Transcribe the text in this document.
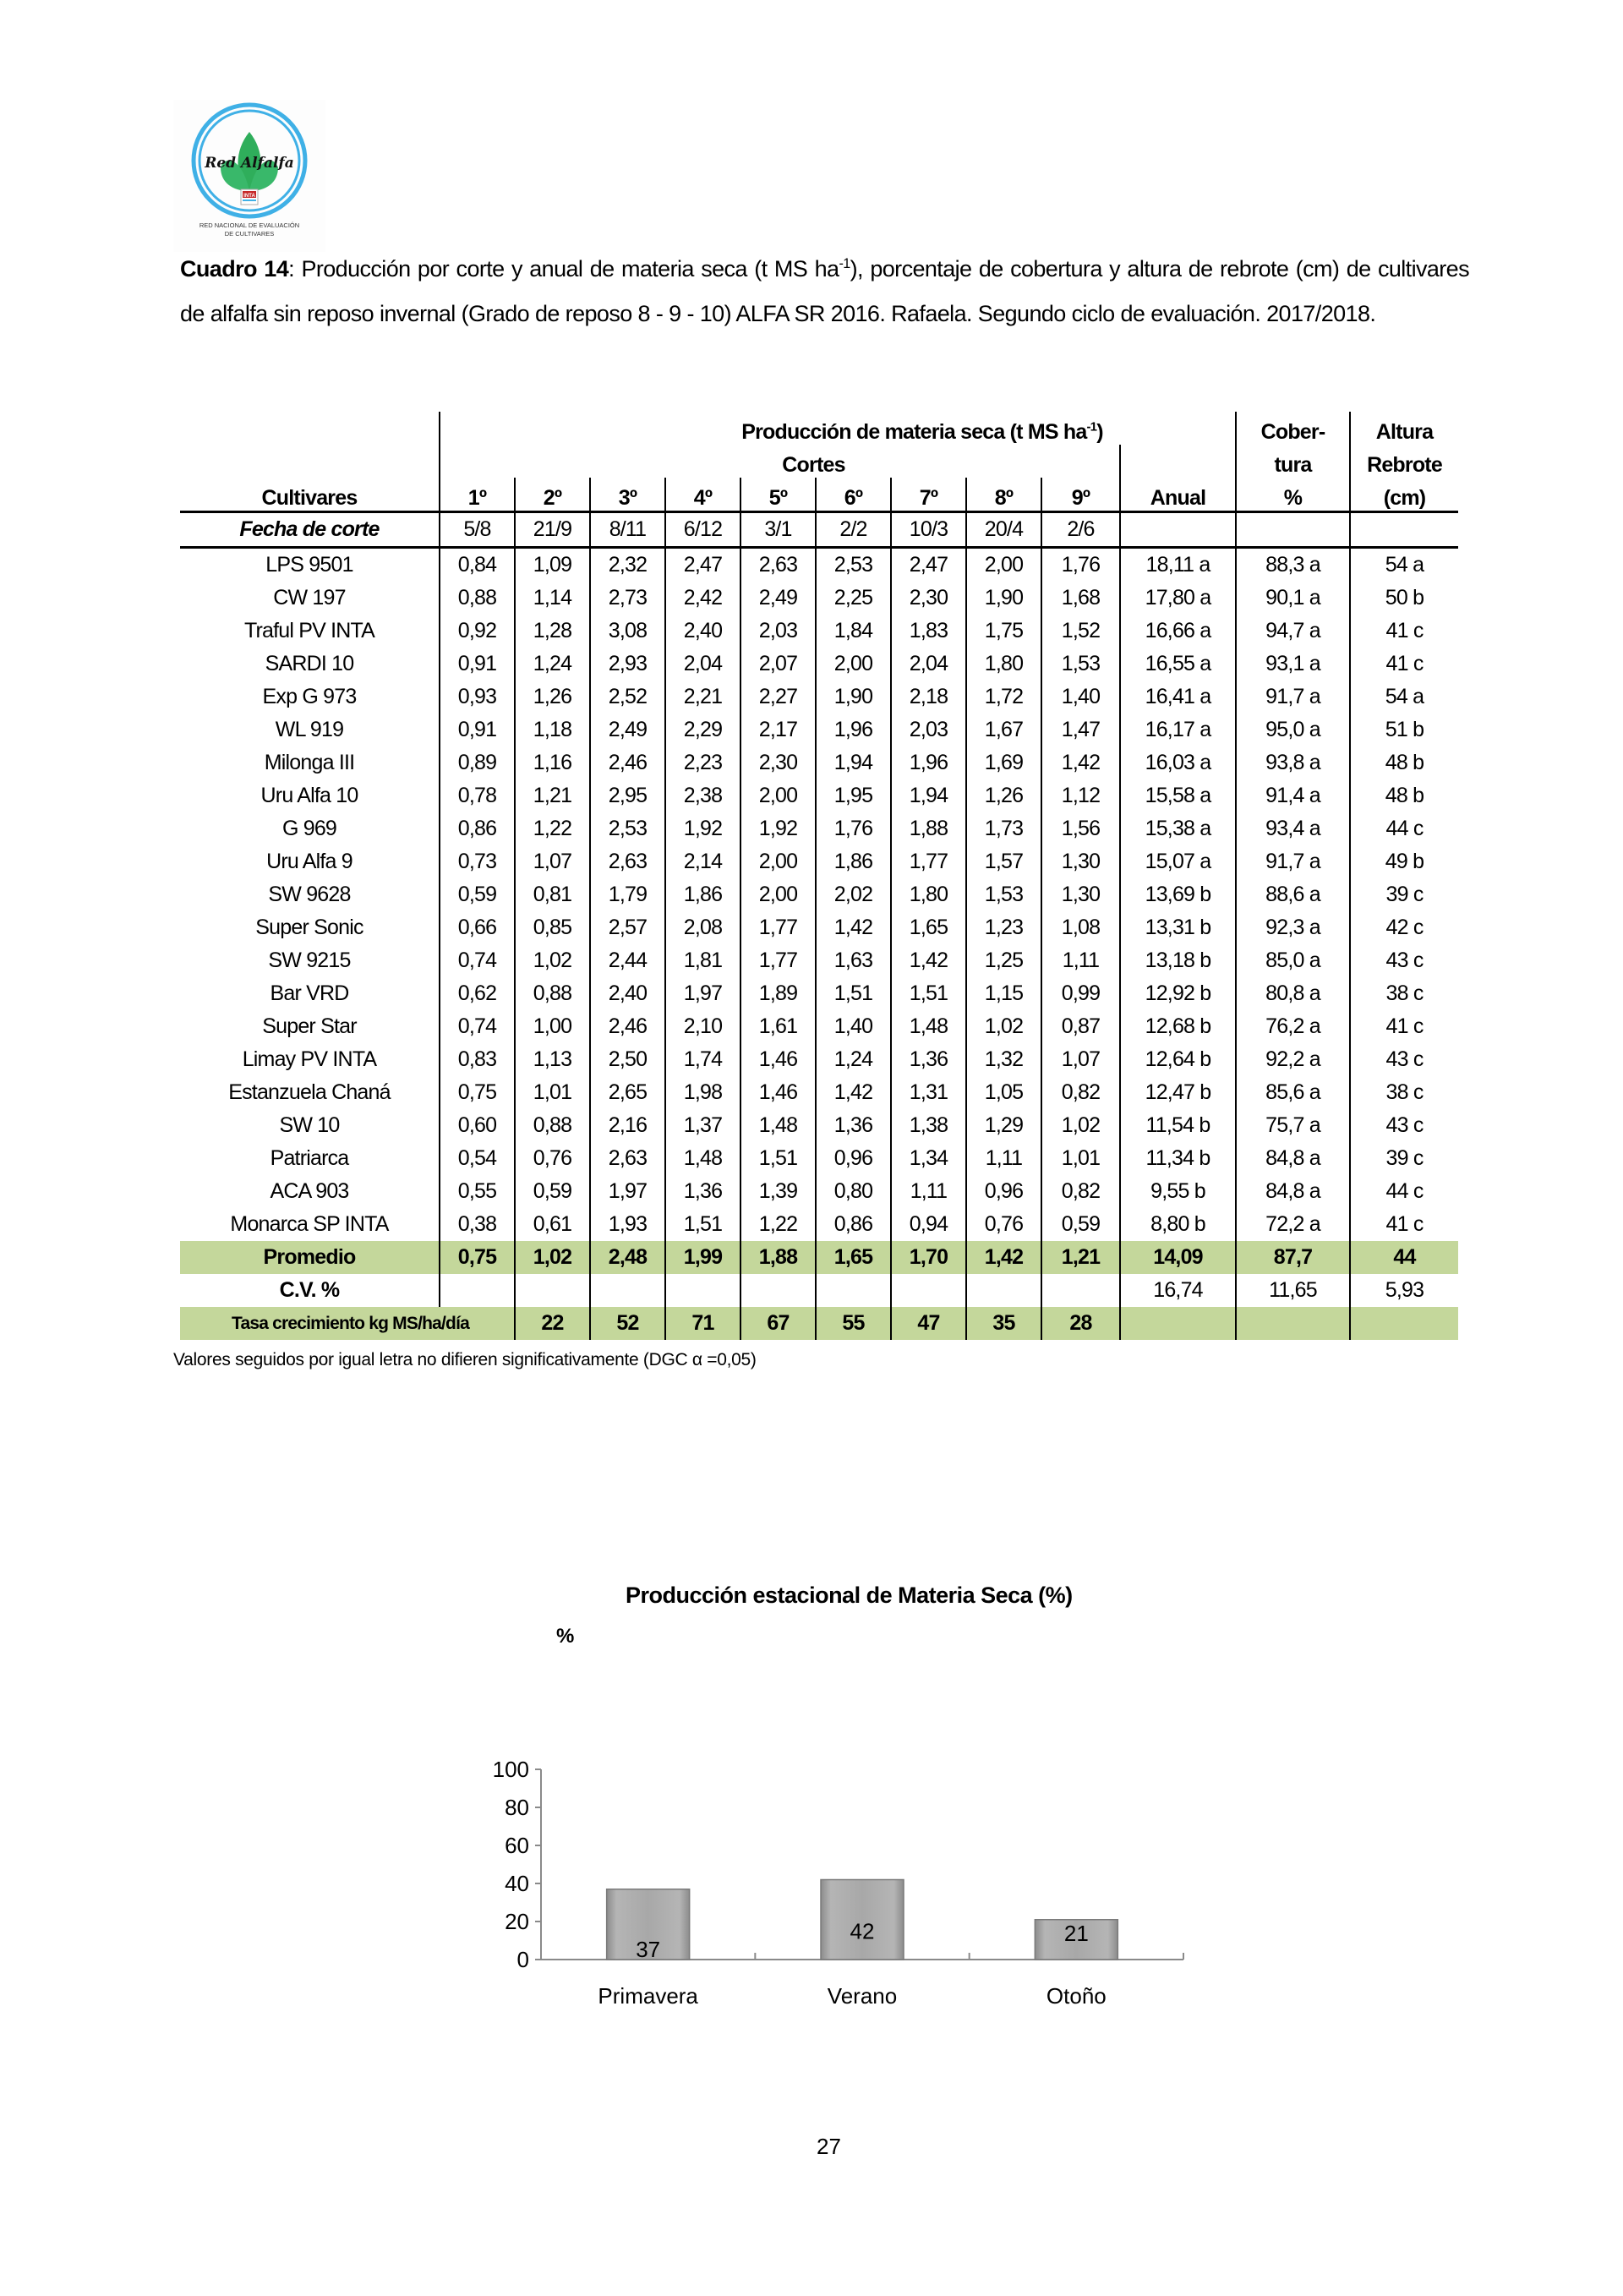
Red Alfalfa
INTA
RED NACIONAL DE EVALUACIÓN
DE CULTIVARES
Cuadro 14: Producción por corte y anual de materia seca (t MS $ha^{-1}$), porcentaje de cobertura y altura de rebrote (cm) de cultivares de alfalfa sin reposo invernal (Grado de reposo 8 - 9 - 10) ALFA SR 2016. Rafaela. Segundo ciclo de evaluación. 2017/2018.
	Producción de materia seca (t MS $ha^{-1}$)										Cober-	Altura
	Cortes										tura	Rebrote
Cultivares	1º	2º	3º	4º	5º	6º	7º	8º	9º	Anual	%	(cm)
Fecha de corte	5/8	21/9	8/11	6/12	3/1	2/2	10/3	20/4	2/6			
LPS 9501	0,84	1,09	2,32	2,47	2,63	2,53	2,47	2,00	1,76	18,11 a	88,3 a	54 a
CW 197	0,88	1,14	2,73	2,42	2,49	2,25	2,30	1,90	1,68	17,80 a	90,1 a	50 b
Traful PV INTA	0,92	1,28	3,08	2,40	2,03	1,84	1,83	1,75	1,52	16,66 a	94,7 a	41 c
SARDI 10	0,91	1,24	2,93	2,04	2,07	2,00	2,04	1,80	1,53	16,55 a	93,1 a	41 c
Exp G 973	0,93	1,26	2,52	2,21	2,27	1,90	2,18	1,72	1,40	16,41 a	91,7 a	54 a
WL 919	0,91	1,18	2,49	2,29	2,17	1,96	2,03	1,67	1,47	16,17 a	95,0 a	51 b
Milonga III	0,89	1,16	2,46	2,23	2,30	1,94	1,96	1,69	1,42	16,03 a	93,8 a	48 b
Uru Alfa 10	0,78	1,21	2,95	2,38	2,00	1,95	1,94	1,26	1,12	15,58 a	91,4 a	48 b
G 969	0,86	1,22	2,53	1,92	1,92	1,76	1,88	1,73	1,56	15,38 a	93,4 a	44 c
Uru Alfa 9	0,73	1,07	2,63	2,14	2,00	1,86	1,77	1,57	1,30	15,07 a	91,7 a	49 b
SW 9628	0,59	0,81	1,79	1,86	2,00	2,02	1,80	1,53	1,30	13,69 b	88,6 a	39 c
Super Sonic	0,66	0,85	2,57	2,08	1,77	1,42	1,65	1,23	1,08	13,31 b	92,3 a	42 c
SW 9215	0,74	1,02	2,44	1,81	1,77	1,63	1,42	1,25	1,11	13,18 b	85,0 a	43 c
Bar VRD	0,62	0,88	2,40	1,97	1,89	1,51	1,51	1,15	0,99	12,92 b	80,8 a	38 c
Super Star	0,74	1,00	2,46	2,10	1,61	1,40	1,48	1,02	0,87	12,68 b	76,2 a	41 c
Limay PV INTA	0,83	1,13	2,50	1,74	1,46	1,24	1,36	1,32	1,07	12,64 b	92,2 a	43 c
Estanzuela Chaná	0,75	1,01	2,65	1,98	1,46	1,42	1,31	1,05	0,82	12,47 b	85,6 a	38 c
SW 10	0,60	0,88	2,16	1,37	1,48	1,36	1,38	1,29	1,02	11,54 b	75,7 a	43 c
Patriarca	0,54	0,76	2,63	1,48	1,51	0,96	1,34	1,11	1,01	11,34 b	84,8 a	39 c
ACA 903	0,55	0,59	1,97	1,36	1,39	0,80	1,11	0,96	0,82	9,55 b	84,8 a	44 c
Monarca SP INTA	0,38	0,61	1,93	1,51	1,22	0,86	0,94	0,76	0,59	8,80 b	72,2 a	41 c
Promedio	0,75	1,02	2,48	1,99	1,88	1,65	1,70	1,42	1,21	14,09	87,7	44
C.V. %										16,74	11,65	5,93
Tasa crecimiento kg MS/ha/día		22	52	71	67	55	47	35	28			
Valores seguidos por igual letra no difieren significativamente (DGC α =0,05)
Producción estacional de Materia Seca (%)
%
0
20
40
60
80
100
37
Primavera
42
Verano
21
Otoño
27
